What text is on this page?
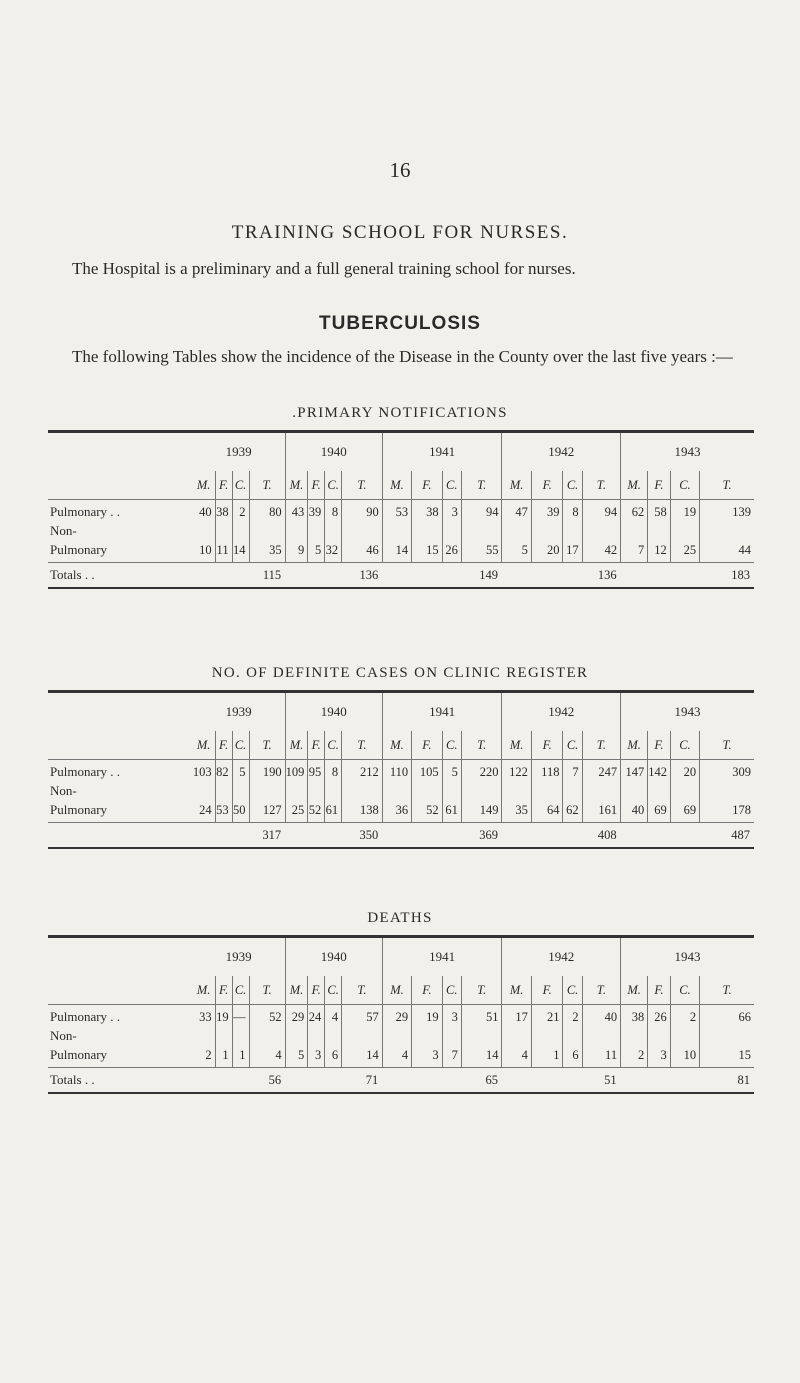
16
TRAINING SCHOOL FOR NURSES.

The Hospital is a preliminary and a full general training school for nurses.

TUBERCULOSIS

The following Tables show the incidence of the Disease in the County over the last five years :—

.PRIMARY NOTIFICATIONS
	1939				1940				1941				1942				1943			
	M.	F.	C.	T.	M.	F.	C.	T.	M.	F.	C.	T.	M.	F.	C.	T.	M.	F.	C.	T.
Pulmonary . .	40	38	2	80	43	39	8	90	53	38	3	94	47	39	8	94	62	58	19	139
Non-																				
Pulmonary	10	11	14	35	9	5	32	46	14	15	26	55	5	20	17	42	7	12	25	44
Totals . .	115				136				149				136				183			
NO. OF DEFINITE CASES ON CLINIC REGISTER
	1939				1940				1941				1942				1943			
	M.	F.	C.	T.	M.	F.	C.	T.	M.	F.	C.	T.	M.	F.	C.	T.	M.	F.	C.	T.
Pulmonary . .	103	82	5	190	109	95	8	212	110	105	5	220	122	118	7	247	147	142	20	309
Non-																				
Pulmonary	24	53	50	127	25	52	61	138	36	52	61	149	35	64	62	161	40	69	69	178
	317				350				369				408				487			
DEATHS
	1939				1940				1941				1942				1943			
	M.	F.	C.	T.	M.	F.	C.	T.	M.	F.	C.	T.	M.	F.	C.	T.	M.	F.	C.	T.
Pulmonary . .	33	19	—	52	29	24	4	57	29	19	3	51	17	21	2	40	38	26	2	66
Non-																				
Pulmonary	2	1	1	4	5	3	6	14	4	3	7	14	4	1	6	11	2	3	10	15
Totals . .	56				71				65				51				81			
